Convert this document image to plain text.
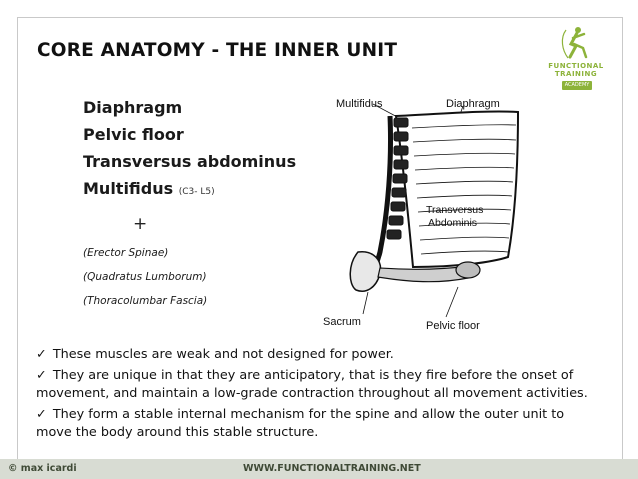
CORE ANATOMY - THE INNER UNIT
FUNCTIONAL
TRAINING
ACADEMY
Diaphragm
Pelvic floor
Transversus abdominus
Multifidus (C3- L5)
+
(Erector Spinae)
(Quadratus Lumborum)
(Thoracolumbar Fascia)
Multifidus	Diaphragm
Transversus
Abdominis
Sacrum	Pelvic floor
✓ These muscles are weak and not designed for power.
✓ They are unique in that they are anticipatory, that is they fire before the onset of movement, and maintain a low-grade contraction throughout all movement activities.
✓ They form a stable internal mechanism for the spine and allow the outer unit to move the body around this stable structure.
© max icardi	WWW.FUNCTIONALTRAINING.NET
